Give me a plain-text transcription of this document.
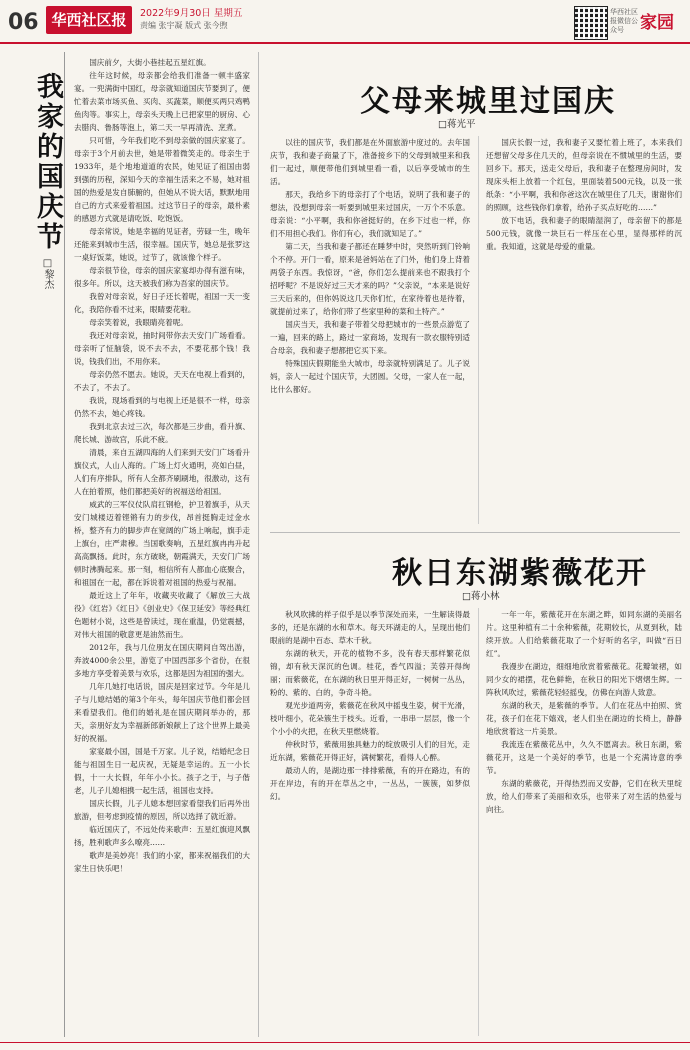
06 华西社区报	2022年9月30日 星期五
责编 张宇凝 版式 张今煦
华西社区报微信公众号 家园
我家的国庆节
□黎杰

国庆前夕，大街小巷挂起五星红旗。

往年这时候，母亲都会给我们准备一顿丰盛家宴。一兜满街中国红，母亲就知道国庆节要到了，便忙着去菜市场买鱼、买肉、买蔬菜，顺便买两只鸡鸭鱼肉等。事实上，母亲头天晚上已把家里的厨房、心去腊肉、鲁肠等泡上，第二天一早再清洗、烹煮。

只可惜，今年我们吃不到母亲做的国庆家宴了。母亲于3个月前去世，她是带着微笑走的。母亲生于1933年，是个地地道道的农民，她见证了祖国由弱到强的历程，深知今天的幸福生活来之不易，她对祖国的热爱是发自肺腑的，但她从不说大话，默默地用自己的方式来爱着祖国。过这节日子的母亲，最朴素的感恩方式就是请吃饭、吃饱饭。

母亲常说，她是幸福的见证者，劳碌一生，晚年还能来到城市生活，很幸福。国庆节，她总是张罗这一桌好饭菜，她说，过节了，就该像个样子。

母亲很节俭，母亲的国庆家宴却办得有滋有味，很多年。所以，这天被我们称为吾家的国庆节。

我曾对母亲说，好日子还长着呢，祖国一天一变化，我陪你看不过来，眼睛要花啦。

母亲笑着说，我眼睛亮着呢。

我还对母亲说，抽时间带你去天安门广场看看。母亲听了怔脑袋，说不去不去，不要花那个钱！我说，钱我们出，不用你来。

母亲仍然不愿去。她说，天天在电视上看到的，不去了，不去了。

我说，现场看到的与电视上还是很不一样，母亲仍然不去，她心疼钱。

我到北京去过三次，每次都是三步曲，看升旗、爬长城、游故宫，乐此不疲。

清晨，来自五湖四海的人们来到天安门广场看升旗仪式，人山人海的。广场上灯火通明，亮如白昼，人们有序排队，所有人全都齐刷刷地，很激动，这有人在拍着照，他们都把美好的祝福送给祖国。

威武的三军仪仗队肩扛钢枪，护卫着旗手，从天安门城楼迈着铿锵有力的步伐，昂首挺胸走过金水桥，整齐有力的脚步声在宽阔的广场上响起，旗手走上旗台，庄严肃穆。当国歌奏响，五星红旗冉冉升起高高飘扬。此时，东方破晓，朝霞满天，天安门广场顿时沸腾起来。那一刻，相信所有人都血心底聚合，和祖国在一起，都在诉说着对祖国的热爱与祝福。

最近这上了年年，收藏夹收藏了《解放三大战役》《红岩》《红日》《创业史》《保卫延安》等经典红色题材小说，这些是曾读过，现在重温，仍觉震撼，对伟大祖国的敬意更是油然而生。

2012年，我与几位朋友在国庆期间自驾出游，奔波4000余公里，游览了中国西部多个省份，在很多地方享受着美景与欢乐，这都是因为祖国的强大。

几年几她打电话说，国庆是回家过节。今年是儿子与儿媳结婚的第3个年头，每年国庆节他们都会回来看望我们。他们的婚礼是在国庆期间举办的，那天，亲朋好友为幸福新郎新娘献上了这个世界上最美好的祝福。

家宴最小国，国是千万家。儿子说，结婚纪念日能与祖国生日一起庆祝，无疑是幸运的。五一小长假，十一大长假，年年小小长。孩子之于，与子偕老，儿子儿媳相携一起生活，祖国也支持。

国庆长假，儿子儿媳本想回家看望我们后再外出旅游，但考虑到疫情的原因，所以选择了就近游。

临近国庆了，不远处传来歌声：五星红旗迎风飘扬，胜利歌声多么嘹亮……

歌声是美妙亮！我们的小家，都来祝福我们的大家生日快乐吧！

父母来城里过国庆
□蒋光平

以往的国庆节，我们都是在外面旅游中度过的。去年国庆节，我和妻子商量了下，准备接乡下的父母到城里来和我们一起过，顺便带他们到城里看一看，以后享受城市的生活。

那天，我给乡下的母亲打了个电话，说明了我和妻子的想法，没想到母亲一听要到城里来过国庆，一万个不乐意。母亲说：“小平啊，我和你爸挺好的，在乡下过也一样，你们不用担心我们。你们有心，我们就知足了。”

第二天，当我和妻子都还在睡梦中时，突然听到门铃响个不停。开门一看，原来是爸妈站在了门外，他们身上背着两袋子东西。我惊讶，“爸，你们怎么提前来也不跟我打个招呼呢？不是说好过三天才来的吗？”父亲说，“本来是说好三天后来的，但你妈说这几天你们忙，在家待着也是待着，就提前过来了，给你们带了些家里种的菜和土特产。”

国庆当天，我和妻子带着父母把城市的一些景点游览了一遍，回来的路上，路过一家商场，发现有一款衣服特别适合母亲，我和妻子想都把它买下来。

特殊国庆假期能坐大城市，母亲就特别满足了。儿子说妈，亲人一起过个国庆节，大团圆。父母，一家人在一起，比什么都好。

国庆长假一过，我和妻子又要忙着上班了，本来我们还想留父母多住几天的，但母亲说在不惯城里的生活，要回乡下。那天，送走父母后，我和妻子在整理房间时，发现床头柜上放着一个红包，里面装着500元钱，以及一张纸条：“小平啊，我和你爸这次在城里住了几天，谢谢你们的照顾，这些钱你们拿着，给孙子买点好吃的……”

放下电话，我和妻子的眼睛湿润了，母亲留下的都是500元钱，就像一块巨石一样压在心里，显得那样的沉重。我知道，这就是母爱的重量。

秋日东湖紫薇花开
□蒋小林

秋风吹拂的样子似乎是以季节深处而来，一生解读得最多的，还是东湖的水和草木。每天环湖走的人，呈现出他们眼前的是湖中百态、草木千秋。

东湖的秋天，开花的植物不多，没有春天那样繁花似锦，却有秋天深沉的色调。桂花，香气四溢；芙蓉开得绚丽；而紫薇花，在东湖的秋日里开得正好，一树树一丛丛，粉的、紫的、白的，争奇斗艳。

观光步道两旁，紫薇花在秋风中摇曳生姿，树干光滑，枝叶细小，花朵簇生于枝头。近看，一串串一层层，像一个个小小的火把，在秋天里燃烧着。

仲秋时节，紫薇用独具魅力的绽放吸引人们的目光，走近东湖，紫薇花开得正好，满树繁花，看得人心醉。

最动人的，是湖边那一排排紫薇，有的开在路边，有的开在岸边，有的开在草丛之中，一丛丛，一簇簇，如梦似幻。

一年一年，紫薇花开在东湖之畔，如同东湖的美丽名片。这里种植有二十余种紫薇，花期较长，从夏到秋，陆续开放。人们给紫薇花取了一个好听的名字，叫做“百日红”。

我漫步在湖边，细细地欣赏着紫薇花。花瓣皱褶，如同少女的裙摆，花色鲜艳，在秋日的阳光下熠熠生辉。一阵秋风吹过，紫薇花轻轻摇曳，仿佛在向游人致意。

东湖的秋天，是紫薇的季节。人们在花丛中拍照、赏花，孩子们在花下嬉戏，老人们坐在湖边的长椅上，静静地欣赏着这一片美景。

我流连在紫薇花丛中，久久不愿离去。秋日东湖，紫薇花开，这是一个美好的季节，也是一个充满诗意的季节。

东湖的紫薇花，开得热烈而又安静，它们在秋天里绽放，给人们带来了美丽和欢乐，也带来了对生活的热爱与向往。
